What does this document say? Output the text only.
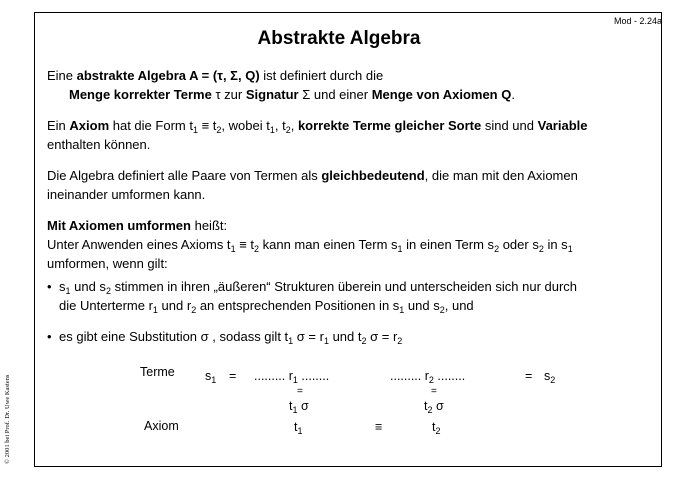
Mod - 2.24a
Abstrakte Algebra
© 2001 bei Prof. Dr. Uwe Kastens

Eine abstrakte Algebra A = (τ, Σ, Q) ist definiert durch die

Menge korrekter Terme τ zur Signatur Σ und einer Menge von Axiomen Q.

Ein Axiom hat die Form $t_1 \equiv t_2$, wobei $t_1$, $t_2$, korrekte Terme gleicher Sorte sind und Variable
enthalten können.

Die Algebra definiert alle Paare von Termen als gleichbedeutend, die man mit den Axiomen
ineinander umformen kann.

Mit Axiomen umformen heißt:

Unter Anwenden eines Axioms $t_1 \equiv t_2$ kann man einen Term $s_1$ in einen Term $s_2$ oder $s_2$ in $s_1$
umformen, wenn gilt:

• $s_1$ und $s_2$ stimmen in ihren „äußeren“ Strukturen überein und unterscheiden sich nur durch
die Unterterme $r_1$ und $r_2$ an entsprechenden Positionen in $s_1$ und $s_2$, und
• es gibt eine Substitution σ , sodass gilt $t_1$ $\sigma = r_1$ und $t_2$ $\sigma = r_2$
Terme $s_1$ = ......... $r_1$ ........	......... $r_2$ ........	= $s_2$
=	=
$t_1$ σ	$t_2$ σ
Axiom	$t_1$	≡	$t_2$
